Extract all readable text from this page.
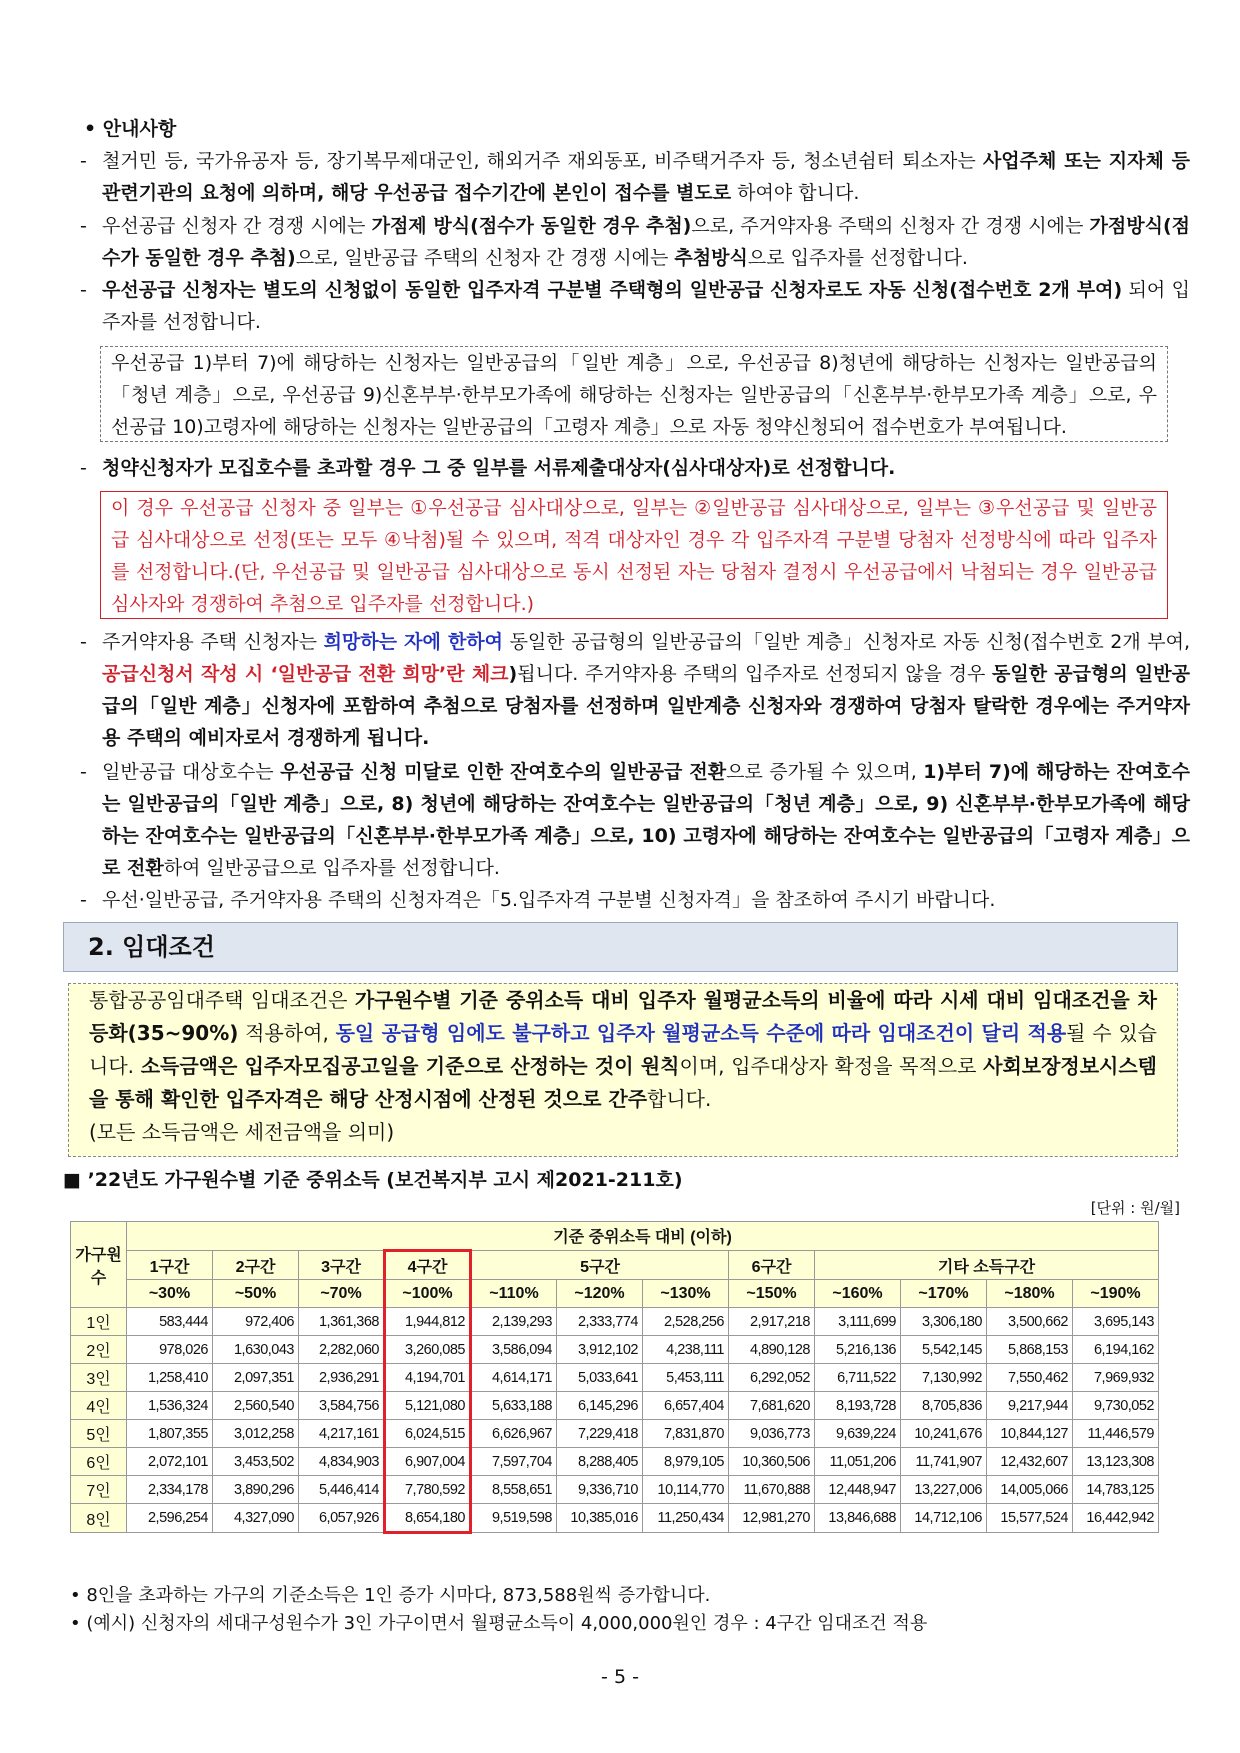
• 안내사항
- 철거민 등, 국가유공자 등, 장기복무제대군인, 해외거주 재외동포, 비주택거주자 등, 청소년쉼터 퇴소자는 사업주체 또는 지자체 등 관련기관의 요청에 의하며, 해당 우선공급 접수기간에 본인이 접수를 별도로 하여야 합니다.
- 우선공급 신청자 간 경쟁 시에는 가점제 방식(점수가 동일한 경우 추첨)으로, 주거약자용 주택의 신청자 간 경쟁 시에는 가점방식(점수가 동일한 경우 추첨)으로, 일반공급 주택의 신청자 간 경쟁 시에는 추첨방식으로 입주자를 선정합니다.
- 우선공급 신청자는 별도의 신청없이 동일한 입주자격 구분별 주택형의 일반공급 신청자로도 자동 신청(접수번호 2개 부여) 되어 입주자를 선정합니다.
우선공급 1)부터 7)에 해당하는 신청자는 일반공급의「일반 계층」으로, 우선공급 8)청년에 해당하는 신청자는 일반공급의「청년 계층」으로, 우선공급 9)신혼부부·한부모가족에 해당하는 신청자는 일반공급의「신혼부부·한부모가족 계층」으로, 우선공급 10)고령자에 해당하는 신청자는 일반공급의「고령자 계층」으로 자동 청약신청되어 접수번호가 부여됩니다.
- 청약신청자가 모집호수를 초과할 경우 그 중 일부를 서류제출대상자(심사대상자)로 선정합니다.
이 경우 우선공급 신청자 중 일부는 ①우선공급 심사대상으로, 일부는 ②일반공급 심사대상으로, 일부는 ③우선공급 및 일반공급 심사대상으로 선정(또는 모두 ④낙첨)될 수 있으며, 적격 대상자인 경우 각 입주자격 구분별 당첨자 선정방식에 따라 입주자를 선정합니다.(단, 우선공급 및 일반공급 심사대상으로 동시 선정된 자는 당첨자 결정시 우선공급에서 낙첨되는 경우 일반공급 심사자와 경쟁하여 추첨으로 입주자를 선정합니다.)
- 주거약자용 주택 신청자는 희망하는 자에 한하여 동일한 공급형의 일반공급의「일반 계층」신청자로 자동 신청(접수번호 2개 부여, 공급신청서 작성 시 ‘일반공급 전환 희망’란 체크)됩니다. 주거약자용 주택의 입주자로 선정되지 않을 경우 동일한 공급형의 일반공급의「일반 계층」신청자에 포함하여 추첨으로 당첨자를 선정하며 일반계층 신청자와 경쟁하여 당첨자 탈락한 경우에는 주거약자용 주택의 예비자로서 경쟁하게 됩니다.
- 일반공급 대상호수는 우선공급 신청 미달로 인한 잔여호수의 일반공급 전환으로 증가될 수 있으며, 1)부터 7)에 해당하는 잔여호수는 일반공급의「일반 계층」으로, 8) 청년에 해당하는 잔여호수는 일반공급의「청년 계층」으로, 9) 신혼부부·한부모가족에 해당하는 잔여호수는 일반공급의「신혼부부·한부모가족 계층」으로, 10) 고령자에 해당하는 잔여호수는 일반공급의「고령자 계층」으로 전환하여 일반공급으로 입주자를 선정합니다.
- 우선·일반공급, 주거약자용 주택의 신청자격은「5.입주자격 구분별 신청자격」을 참조하여 주시기 바랍니다.
2. 임대조건
통합공공임대주택 임대조건은 가구원수별 기준 중위소득 대비 입주자 월평균소득의 비율에 따라 시세 대비 임대조건을 차등화(35~90%) 적용하여, 동일 공급형 임에도 불구하고 입주자 월평균소득 수준에 따라 임대조건이 달리 적용될 수 있습니다. 소득금액은 입주자모집공고일을 기준으로 산정하는 것이 원칙이며, 입주대상자 확정을 목적으로 사회보장정보시스템을 통해 확인한 입주자격은 해당 산정시점에 산정된 것으로 간주합니다.
(모든 소득금액은 세전금액을 의미)
■ ’22년도 가구원수별 기준 중위소득 (보건복지부 고시 제2021-211호)
[단위 : 원/월]
가구원수	기준 중위소득 대비 (이하)											
	1구간	2구간	3구간	4구간	5구간			6구간	기타 소득구간			
	~30%	~50%	~70%	~100%	~110%	~120%	~130%	~150%	~160%	~170%	~180%	~190%
1인	583,444	972,406	1,361,368	1,944,812	2,139,293	2,333,774	2,528,256	2,917,218	3,111,699	3,306,180	3,500,662	3,695,143
2인	978,026	1,630,043	2,282,060	3,260,085	3,586,094	3,912,102	4,238,111	4,890,128	5,216,136	5,542,145	5,868,153	6,194,162
3인	1,258,410	2,097,351	2,936,291	4,194,701	4,614,171	5,033,641	5,453,111	6,292,052	6,711,522	7,130,992	7,550,462	7,969,932
4인	1,536,324	2,560,540	3,584,756	5,121,080	5,633,188	6,145,296	6,657,404	7,681,620	8,193,728	8,705,836	9,217,944	9,730,052
5인	1,807,355	3,012,258	4,217,161	6,024,515	6,626,967	7,229,418	7,831,870	9,036,773	9,639,224	10,241,676	10,844,127	11,446,579
6인	2,072,101	3,453,502	4,834,903	6,907,004	7,597,704	8,288,405	8,979,105	10,360,506	11,051,206	11,741,907	12,432,607	13,123,308
7인	2,334,178	3,890,296	5,446,414	7,780,592	8,558,651	9,336,710	10,114,770	11,670,888	12,448,947	13,227,006	14,005,066	14,783,125
8인	2,596,254	4,327,090	6,057,926	8,654,180	9,519,598	10,385,016	11,250,434	12,981,270	13,846,688	14,712,106	15,577,524	16,442,942
• 8인을 초과하는 가구의 기준소득은 1인 증가 시마다, 873,588원씩 증가합니다.
• (예시) 신청자의 세대구성원수가 3인 가구이면서 월평균소득이 4,000,000원인 경우 : 4구간 임대조건 적용
- 5 -
